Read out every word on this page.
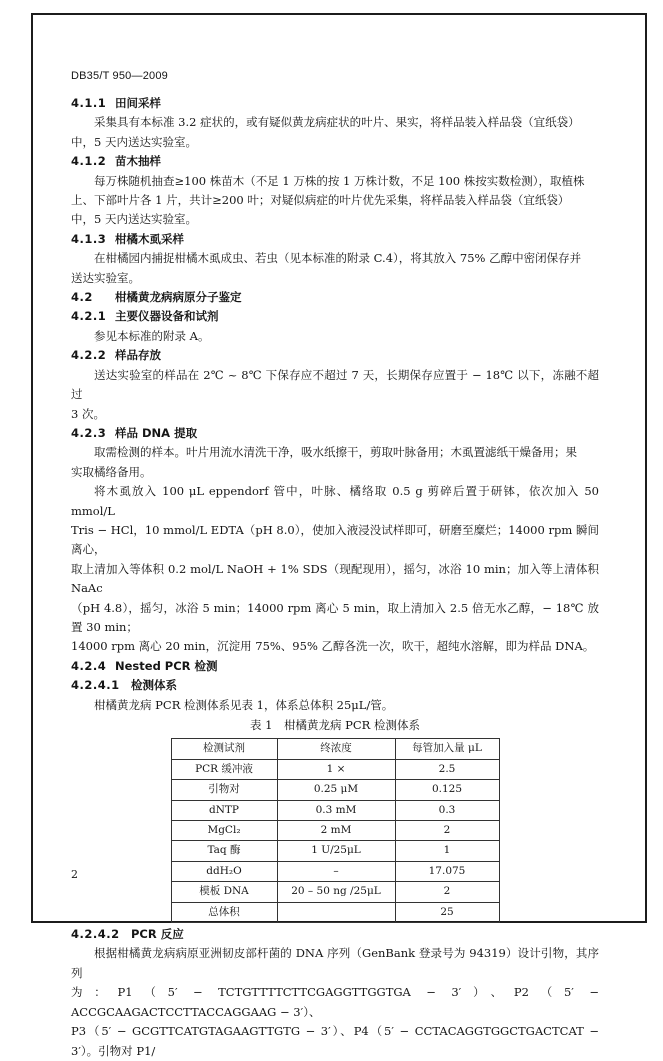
DB35/T 950—2009
4.1.1 田间采样

采集具有本标准 3.2 症状的，或有疑似黄龙病症状的叶片、果实，将样品装入样品袋（宜纸袋）
中，5 天内送达实验室。

4.1.2 苗木抽样

每万株随机抽查≥100 株苗木（不足 1 万株的按 1 万株计数，不足 100 株按实数检测），取植株
上、下部叶片各 1 片，共计≥200 叶；对疑似病症的叶片优先采集，将样品装入样品袋（宜纸袋）
中，5 天内送达实验室。

4.1.3 柑橘木虱采样

在柑橘园内捕捉柑橘木虱成虫、若虫（见本标准的附录 C.4），将其放入 75% 乙醇中密闭保存并
送达实验室。

4.2 柑橘黄龙病病原分子鉴定
4.2.1 主要仪器设备和试剂

参见本标准的附录 A。

4.2.2 样品存放

送达实验室的样品在 2℃ ~ 8℃ 下保存应不超过 7 天，长期保存应置于 − 18℃ 以下，冻融不超过
3 次。

4.2.3 样品 DNA 提取

取需检测的样本。叶片用流水清洗干净，吸水纸擦干，剪取叶脉备用；木虱置滤纸干燥备用；果
实取橘络备用。

将木虱放入 100 μL eppendorf 管中，叶脉、橘络取 0.5 g 剪碎后置于研钵，依次加入 50 mmol/L
Tris − HCl，10 mmol/L EDTA（pH 8.0），使加入液浸没试样即可，研磨至糜烂；14000 rpm 瞬间离心，
取上清加入等体积 0.2 mol/L NaOH + 1% SDS（现配现用），摇匀，冰浴 10 min；加入等上清体积 NaAc
（pH 4.8），摇匀，冰浴 5 min；14000 rpm 离心 5 min，取上清加入 2.5 倍无水乙醇，− 18℃ 放置 30 min；
14000 rpm 离心 20 min，沉淀用 75%、95% 乙醇各洗一次，吹干，超纯水溶解，即为样品 DNA。

4.2.4 Nested PCR 检测
4.2.4.1 检测体系

柑橘黄龙病 PCR 检测体系见表 1，体系总体积 25μL/管。

表 1　柑橘黄龙病 PCR 检测体系
检测试剂	终浓度	每管加入量 μL
PCR 缓冲液	1 ×	2.5
引物对	0.25 μM	0.125
dNTP	0.3 mM	0.3
MgCl₂	2 mM	2
Taq 酶	1 U/25μL	1
ddH₂O	–	17.075
模板 DNA	20 – 50 ng /25μL	2
总体积		25
4.2.4.2 PCR 反应

根据柑橘黄龙病病原亚洲韧皮部杆菌的 DNA 序列（GenBank 登录号为 94319）设计引物，其序列
为：P1（5′ − TCTGTTTTCTTCGAGGTTGGTGA − 3′）、P2（5′ − ACCGCAAGACTCCTTACCAGGAAG − 3′）、
P3（5′ − GCGTTCATGTAGAAGTTGTG − 3′）、P4（5′ − CCTACAGGTGGCTGACTCAT − 3′）。引物对 P1/

2
